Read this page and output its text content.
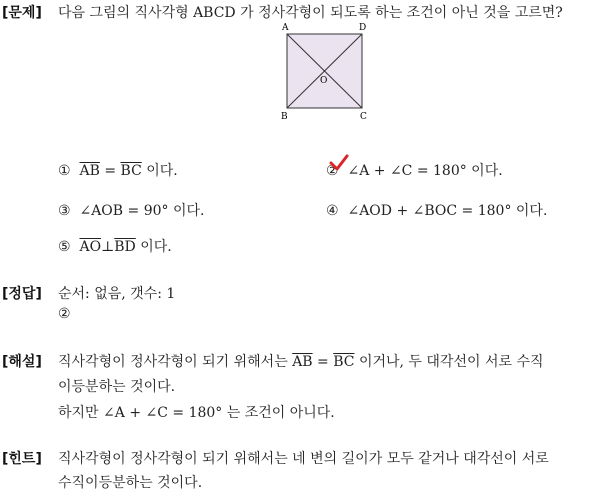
[문제] 다음 그림의 직사각형 ABCD 가 정사각형이 되도록 하는 조건이 아닌 것을 고르면?
A	D
B	C
O
① $\overline{AB} = \overline{BC}$ 이다.	② ∠A + ∠C = 180° 이다.
③ ∠AOB = 90° 이다.	④ ∠AOD + ∠BOC = 180° 이다.
⑤ $\overline{AO}\perp\overline{BD}$ 이다.
[정답] 순서: 없음, 갯수: 1
②
[해설] 직사각형이 정사각형이 되기 위해서는 $\overline{AB} = \overline{BC}$ 이거나, 두 대각선이 서로 수직
이등분하는 것이다.
하지만 ∠A + ∠C = 180° 는 조건이 아니다.
[힌트] 직사각형이 정사각형이 되기 위해서는 네 변의 길이가 모두 같거나 대각선이 서로
수직이등분하는 것이다.
